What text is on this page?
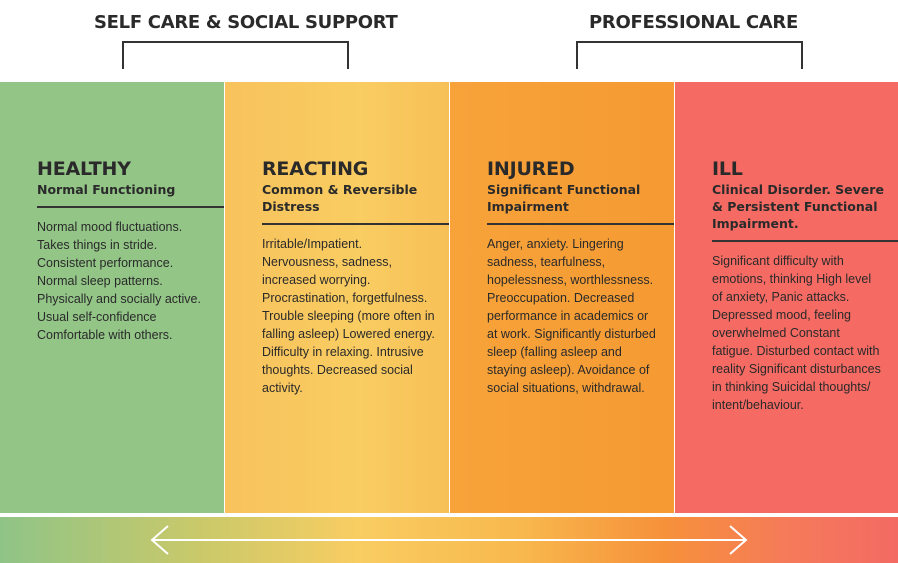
SELF CARE & SOCIAL SUPPORT	PROFESSIONAL CARE
HEALTHY
Normal Functioning
Normal mood fluctuations. Takes things in stride. Consistent performance. Normal sleep patterns. Physically and socially active. Usual self-confidence Comfortable with others.
REACTING
Common & Reversible Distress
Irritable/Impatient. Nervousness, sadness, increased worrying. Procrastination, forgetfulness. Trouble sleeping (more often in falling asleep) Lowered energy. Difficulty in relaxing. Intrusive thoughts. Decreased social activity.
INJURED
Significant Functional Impairment
Anger, anxiety. Lingering sadness, tearfulness, hopelessness, worthlessness. Preoccupation. Decreased performance in academics or at work. Significantly disturbed sleep (falling asleep and staying asleep). Avoidance of social situations, withdrawal.
ILL
Clinical Disorder. Severe & Persistent Functional Impairment.
Significant difficulty with emotions, thinking High level of anxiety, Panic attacks. Depressed mood, feeling overwhelmed Constant fatigue. Disturbed contact with reality Significant disturbances in thinking Suicidal thoughts/ intent/behaviour.
